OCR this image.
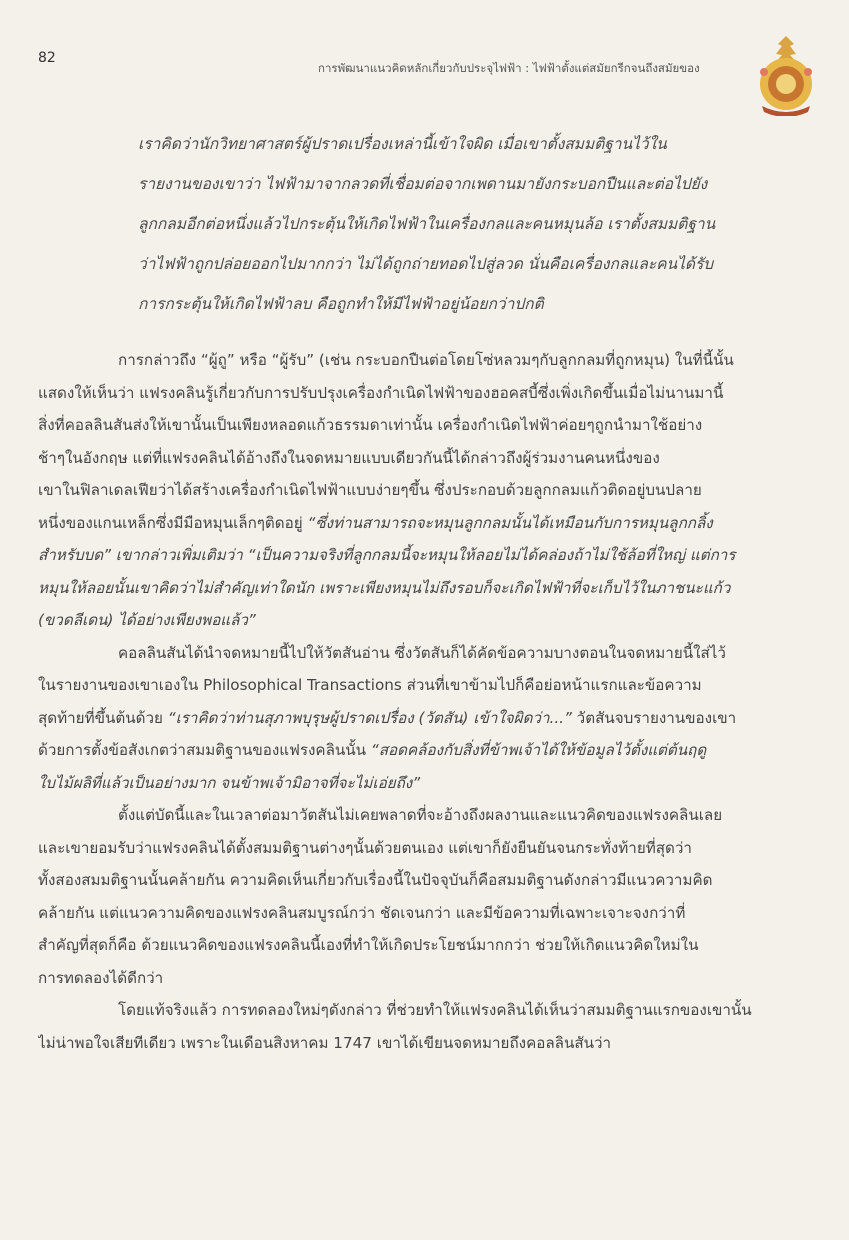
82
การพัฒนาแนวคิดหลักเกี่ยวกับประจุไฟฟ้า : ไฟฟ้าตั้งแต่สมัยกรีกจนถึงสมัยของ
เราคิดว่านักวิทยาศาสตร์ผู้ปราดเปรื่องเหล่านี้เข้าใจผิด เมื่อเขาตั้งสมมติฐานไว้ใน
รายงานของเขาว่า ไฟฟ้ามาจากลวดที่เชื่อมต่อจากเพดานมายังกระบอกปืนและต่อไปยัง
ลูกกลมอีกต่อหนึ่งแล้วไปกระตุ้นให้เกิดไฟฟ้าในเครื่องกลและคนหมุนล้อ เราตั้งสมมติฐาน
ว่าไฟฟ้าถูกปล่อยออกไปมากกว่า ไม่ได้ถูกถ่ายทอดไปสู่ลวด นั่นคือเครื่องกลและคนได้รับ
การกระตุ้นให้เกิดไฟฟ้าลบ คือถูกทำให้มีไฟฟ้าอยู่น้อยกว่าปกติ
การกล่าวถึง “ผู้ถู” หรือ “ผู้รับ” (เช่น กระบอกปืนต่อโดยโซ่หลวมๆกับลูกกลมที่ถูกหมุน) ในที่นี้นั้น
แสดงให้เห็นว่า แฟรงคลินรู้เกี่ยวกับการปรับปรุงเครื่องกำเนิดไฟฟ้าของฮอคสบี้ซึ่งเพิ่งเกิดขึ้นเมื่อไม่นานมานี้
สิ่งที่คอลลินสันส่งให้เขานั้นเป็นเพียงหลอดแก้วธรรมดาเท่านั้น เครื่องกำเนิดไฟฟ้าค่อยๆถูกนำมาใช้อย่าง
ช้าๆในอังกฤษ แต่ที่แฟรงคลินได้อ้างถึงในจดหมายแบบเดียวกันนี้ได้กล่าวถึงผู้ร่วมงานคนหนึ่งของ
เขาในฟิลาเดลเฟียว่าได้สร้างเครื่องกำเนิดไฟฟ้าแบบง่ายๆขึ้น ซึ่งประกอบด้วยลูกกลมแก้วติดอยู่บนปลาย
หนึ่งของแกนเหล็กซึ่งมีมือหมุนเล็กๆติดอยู่ “ซึ่งท่านสามารถจะหมุนลูกกลมนั้นได้เหมือนกับการหมุนลูกกลิ้ง
สำหรับบด” เขากล่าวเพิ่มเติมว่า “เป็นความจริงที่ลูกกลมนี้จะหมุนให้ลอยไม่ได้คล่องถ้าไม่ใช้ล้อที่ใหญ่ แต่การ
หมุนให้ลอยนั้นเขาคิดว่าไม่สำคัญเท่าใดนัก เพราะเพียงหมุนไม่ถึงรอบก็จะเกิดไฟฟ้าที่จะเก็บไว้ในภาชนะแก้ว
(ขวดลีเดน) ได้อย่างเพียงพอแล้ว”
คอลลินสันได้นำจดหมายนี้ไปให้วัตสันอ่าน ซึ่งวัตสันก็ได้คัดข้อความบางตอนในจดหมายนี้ใส่ไว้
ในรายงานของเขาเองใน Philosophical Transactions ส่วนที่เขาข้ามไปก็คือย่อหน้าแรกและข้อความ
สุดท้ายที่ขึ้นต้นด้วย “เราคิดว่าท่านสุภาพบุรุษผู้ปราดเปรื่อง (วัตสัน) เข้าใจผิดว่า...” วัตสันจบรายงานของเขา
ด้วยการตั้งข้อสังเกตว่าสมมติฐานของแฟรงคลินนั้น “สอดคล้องกับสิ่งที่ข้าพเจ้าได้ให้ข้อมูลไว้ตั้งแต่ต้นฤดู
ใบไม้ผลิที่แล้วเป็นอย่างมาก จนข้าพเจ้ามิอาจที่จะไม่เอ่ยถึง”
ตั้งแต่บัดนี้และในเวลาต่อมาวัตสันไม่เคยพลาดที่จะอ้างถึงผลงานและแนวคิดของแฟรงคลินเลย
และเขายอมรับว่าแฟรงคลินได้ตั้งสมมติฐานต่างๆนั้นด้วยตนเอง แต่เขาก็ยังยืนยันจนกระทั่งท้ายที่สุดว่า
ทั้งสองสมมติฐานนั้นคล้ายกัน ความคิดเห็นเกี่ยวกับเรื่องนี้ในปัจจุบันก็คือสมมติฐานดังกล่าวมีแนวความคิด
คล้ายกัน แต่แนวความคิดของแฟรงคลินสมบูรณ์กว่า ชัดเจนกว่า และมีข้อความที่เฉพาะเจาะจงกว่าที่
สำคัญที่สุดก็คือ ด้วยแนวคิดของแฟรงคลินนี้เองที่ทำให้เกิดประโยชน์มากกว่า ช่วยให้เกิดแนวคิดใหม่ใน
การทดลองได้ดีกว่า
โดยแท้จริงแล้ว การทดลองใหม่ๆดังกล่าว ที่ช่วยทำให้แฟรงคลินได้เห็นว่าสมมติฐานแรกของเขานั้น
ไม่น่าพอใจเสียทีเดียว เพราะในเดือนสิงหาคม 1747 เขาได้เขียนจดหมายถึงคอลลินสันว่า
